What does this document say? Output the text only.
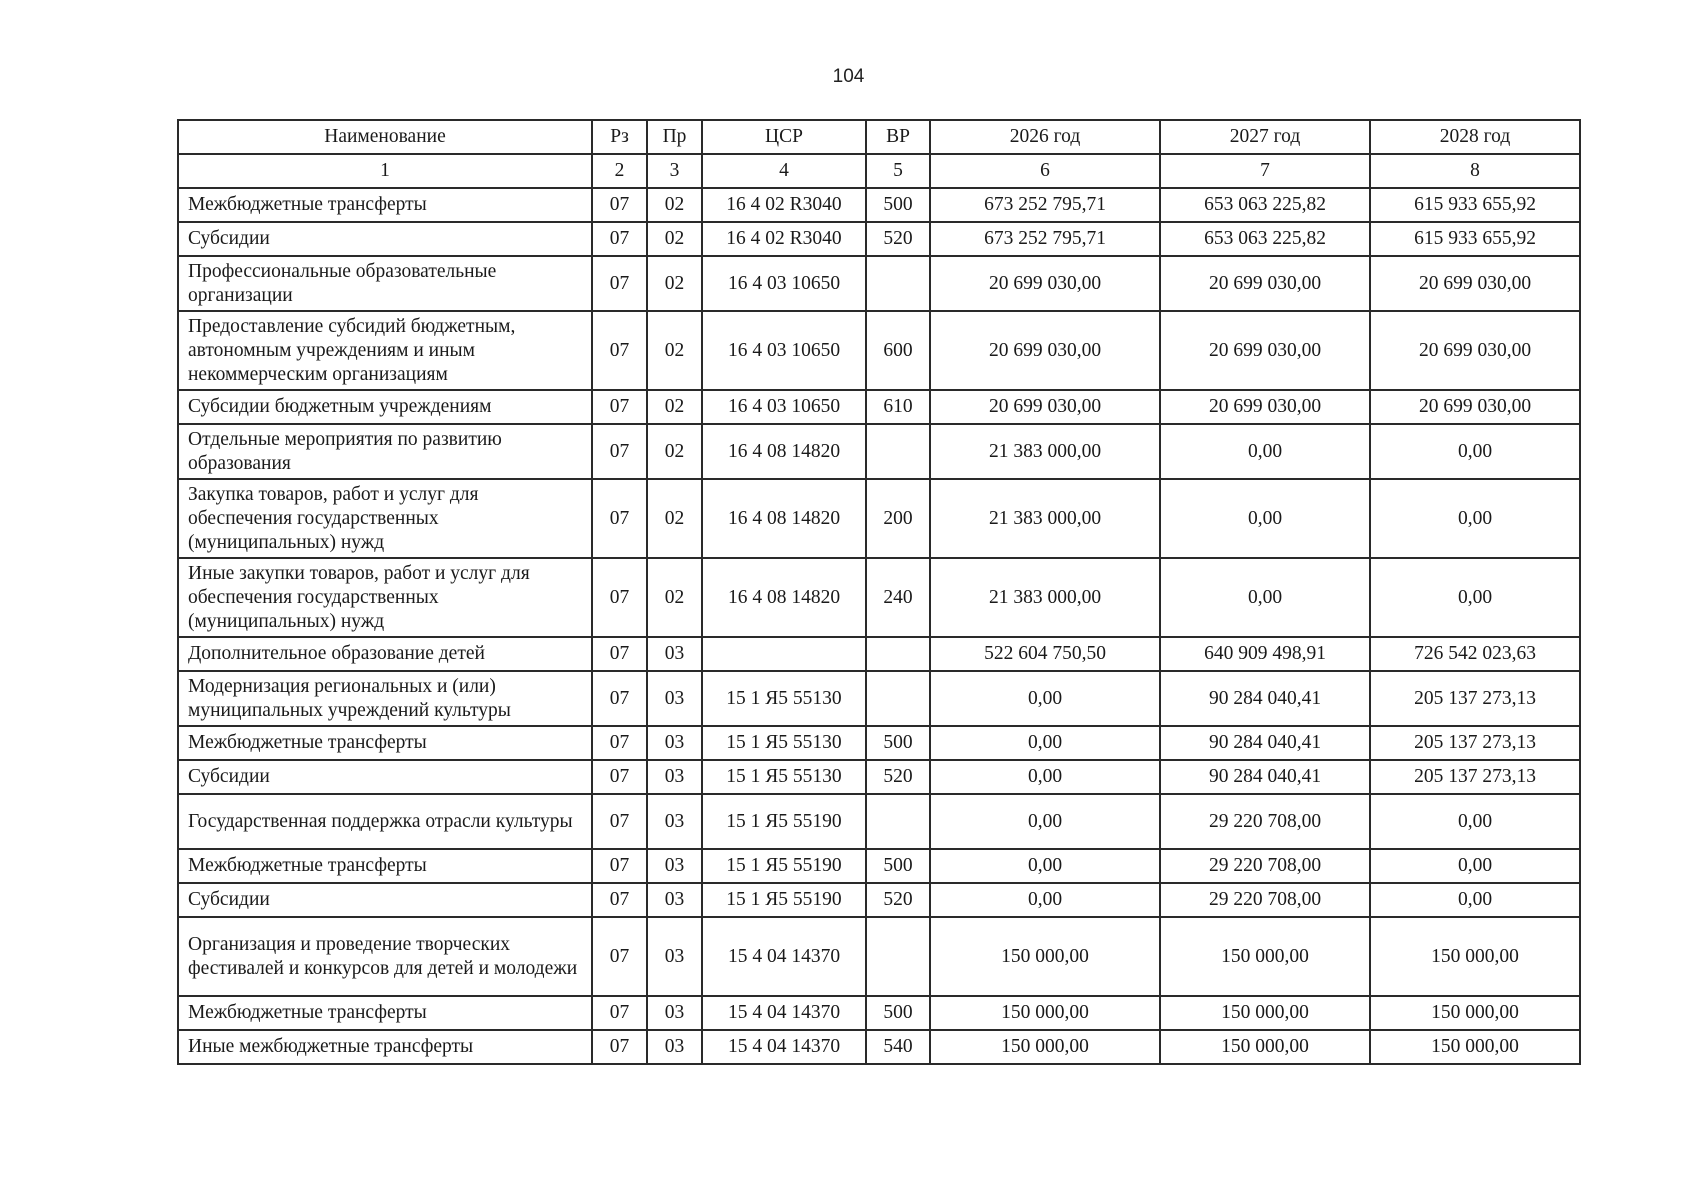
104
Наименование	Рз	Пр	ЦСР	ВР	2026 год	2027 год	2028 год
1	2	3	4	5	6	7	8
Межбюджетные трансферты	07	02	16 4 02 R3040	500	673 252 795,71	653 063 225,82	615 933 655,92
Субсидии	07	02	16 4 02 R3040	520	673 252 795,71	653 063 225,82	615 933 655,92
Профессиональные образовательные организации	07	02	16 4 03 10650		20 699 030,00	20 699 030,00	20 699 030,00
Предоставление субсидий бюджетным, автономным учреждениям и иным некоммерческим организациям	07	02	16 4 03 10650	600	20 699 030,00	20 699 030,00	20 699 030,00
Субсидии бюджетным учреждениям	07	02	16 4 03 10650	610	20 699 030,00	20 699 030,00	20 699 030,00
Отдельные мероприятия по развитию образования	07	02	16 4 08 14820		21 383 000,00	0,00	0,00
Закупка товаров, работ и услуг для обеспечения государственных (муниципальных) нужд	07	02	16 4 08 14820	200	21 383 000,00	0,00	0,00
Иные закупки товаров, работ и услуг для обеспечения государственных (муниципальных) нужд	07	02	16 4 08 14820	240	21 383 000,00	0,00	0,00
Дополнительное образование детей	07	03			522 604 750,50	640 909 498,91	726 542 023,63
Модернизация региональных и (или) муниципальных учреждений культуры	07	03	15 1 Я5 55130		0,00	90 284 040,41	205 137 273,13
Межбюджетные трансферты	07	03	15 1 Я5 55130	500	0,00	90 284 040,41	205 137 273,13
Субсидии	07	03	15 1 Я5 55130	520	0,00	90 284 040,41	205 137 273,13
Государственная поддержка отрасли культуры	07	03	15 1 Я5 55190		0,00	29 220 708,00	0,00
Межбюджетные трансферты	07	03	15 1 Я5 55190	500	0,00	29 220 708,00	0,00
Субсидии	07	03	15 1 Я5 55190	520	0,00	29 220 708,00	0,00
Организация и проведение творческих фестивалей и конкурсов для детей и молодежи	07	03	15 4 04 14370		150 000,00	150 000,00	150 000,00
Межбюджетные трансферты	07	03	15 4 04 14370	500	150 000,00	150 000,00	150 000,00
Иные межбюджетные трансферты	07	03	15 4 04 14370	540	150 000,00	150 000,00	150 000,00
